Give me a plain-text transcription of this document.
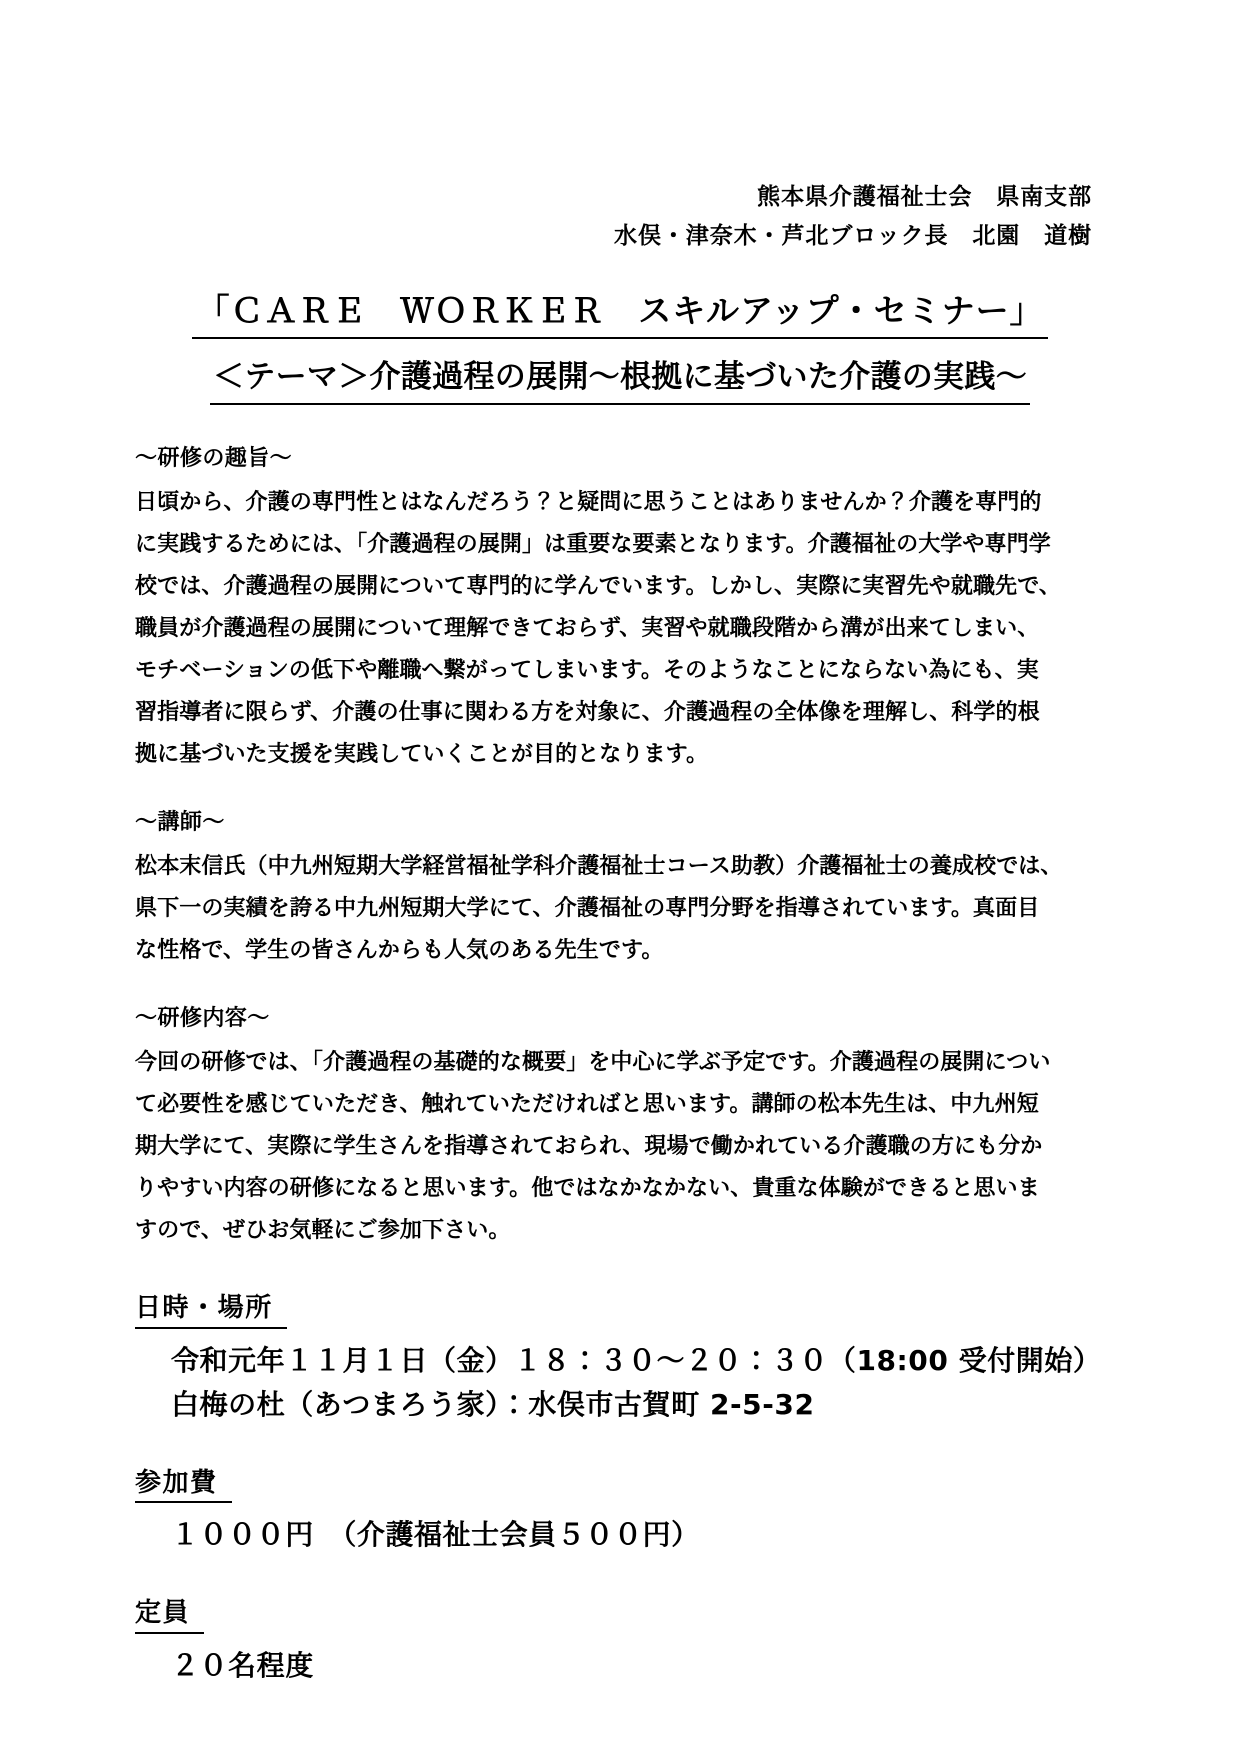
熊本県介護福祉士会　県南支部
水俣・津奈木・芦北ブロック長　北園　道樹
「ＣＡＲＥ　ＷＯＲＫＥＲ　スキルアップ・セミナー」
＜テーマ＞介護過程の展開～根拠に基づいた介護の実践～
～研修の趣旨～

日頃から、介護の専門性とはなんだろう？と疑問に思うことはありませんか？介護を専門的
に実践するためには、「介護過程の展開」は重要な要素となります。介護福祉の大学や専門学
校では、介護過程の展開について専門的に学んでいます。しかし、実際に実習先や就職先で、
職員が介護過程の展開について理解できておらず、実習や就職段階から溝が出来てしまい、
モチベーションの低下や離職へ繋がってしまいます。そのようなことにならない為にも、実
習指導者に限らず、介護の仕事に関わる方を対象に、介護過程の全体像を理解し、科学的根
拠に基づいた支援を実践していくことが目的となります。

～講師～

松本末信氏（中九州短期大学経営福祉学科介護福祉士コース助教）介護福祉士の養成校では、
県下一の実績を誇る中九州短期大学にて、介護福祉の専門分野を指導されています。真面目
な性格で、学生の皆さんからも人気のある先生です。

～研修内容～

今回の研修では、「介護過程の基礎的な概要」を中心に学ぶ予定です。介護過程の展開につい
て必要性を感じていただき、触れていただければと思います。講師の松本先生は、中九州短
期大学にて、実際に学生さんを指導されておられ、現場で働かれている介護職の方にも分か
りやすい内容の研修になると思います。他ではなかなかない、貴重な体験ができると思いま
すので、ぜひお気軽にご参加下さい。

日時・場所
令和元年１１月１日（金）１８：３０～２０：３０（18:00 受付開始）
白梅の杜（あつまろう家）：水俣市古賀町 2-5-32
参加費
１０００円　（介護福祉士会員５００円）
定員
２０名程度
